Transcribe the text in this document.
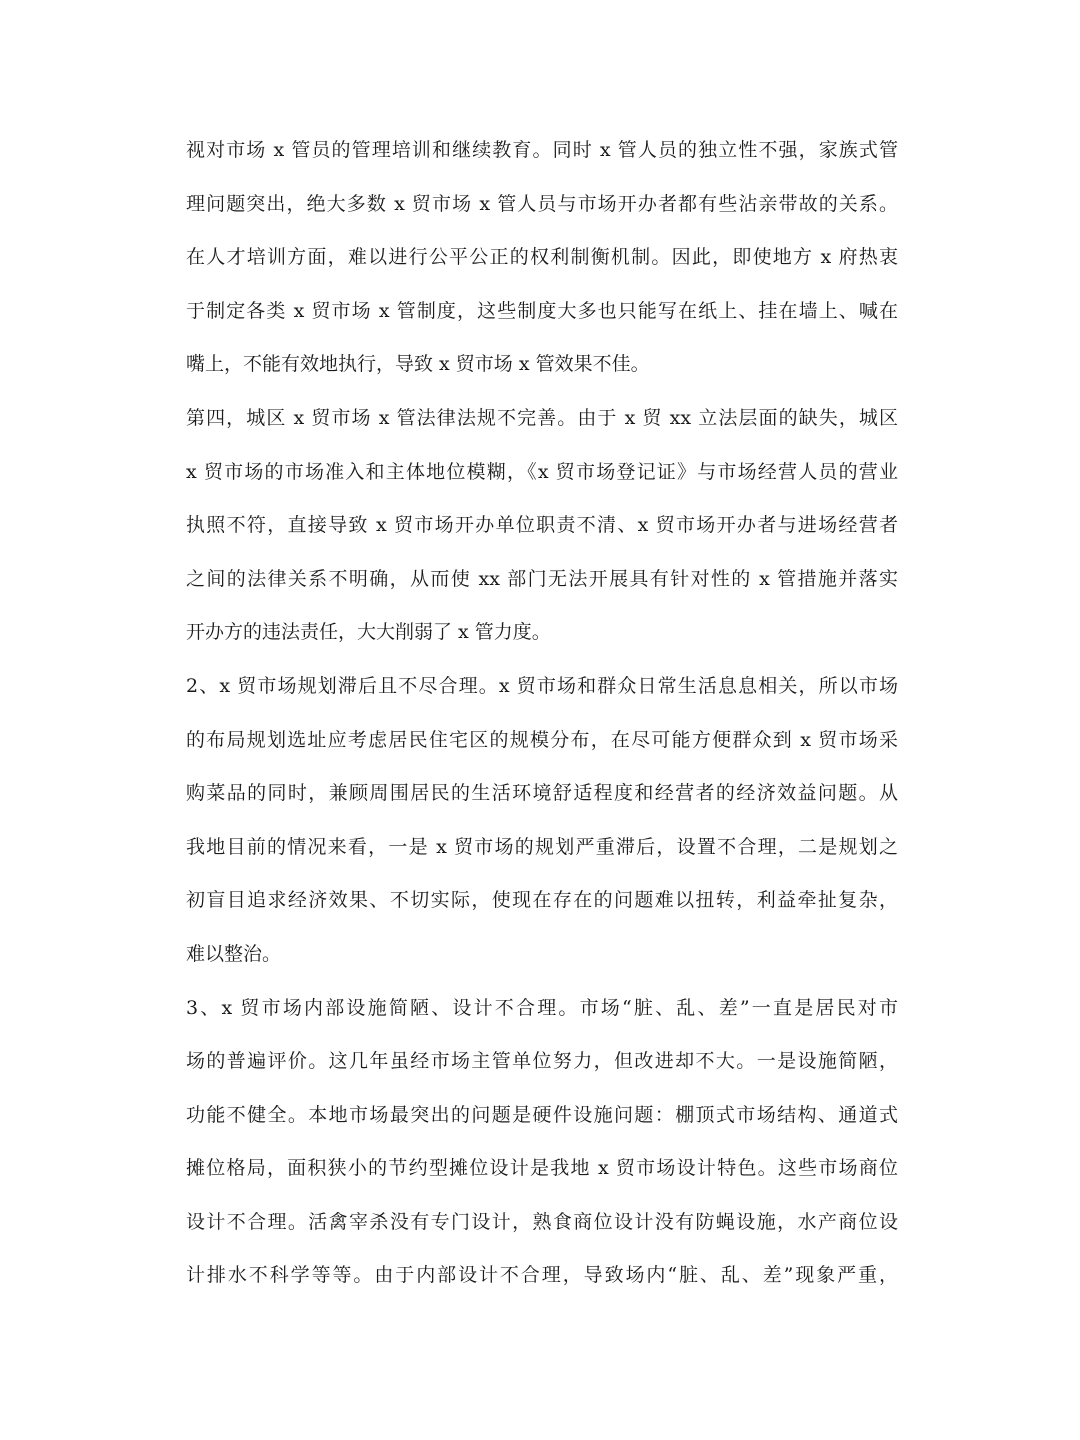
视对市场 x 管员的管理培训和继续教育。同时 x 管人员的独立性不强，家族式管
理问题突出，绝大多数 x 贸市场 x 管人员与市场开办者都有些沾亲带故的关系。
在人才培训方面，难以进行公平公正的权利制衡机制。因此，即使地方 x 府热衷
于制定各类 x 贸市场 x 管制度，这些制度大多也只能写在纸上、挂在墙上、喊在
嘴上，不能有效地执行，导致 x 贸市场 x 管效果不佳。
第四，城区 x 贸市场 x 管法律法规不完善。由于 x 贸 xx 立法层面的缺失，城区
x 贸市场的市场准入和主体地位模糊，《x 贸市场登记证》与市场经营人员的营业
执照不符，直接导致 x 贸市场开办单位职责不清、x 贸市场开办者与进场经营者
之间的法律关系不明确，从而使 xx 部门无法开展具有针对性的 x 管措施并落实
开办方的违法责任，大大削弱了 x 管力度。
2、x 贸市场规划滞后且不尽合理。x 贸市场和群众日常生活息息相关，所以市场
的布局规划选址应考虑居民住宅区的规模分布，在尽可能方便群众到 x 贸市场采
购菜品的同时，兼顾周围居民的生活环境舒适程度和经营者的经济效益问题。从
我地目前的情况来看，一是 x 贸市场的规划严重滞后，设置不合理，二是规划之
初盲目追求经济效果、不切实际，使现在存在的问题难以扭转，利益牵扯复杂，
难以整治。
3、x 贸市场内部设施简陋、设计不合理。市场“脏、乱、差”一直是居民对市
场的普遍评价。这几年虽经市场主管单位努力，但改进却不大。一是设施简陋，
功能不健全。本地市场最突出的问题是硬件设施问题：棚顶式市场结构、通道式
摊位格局，面积狭小的节约型摊位设计是我地 x 贸市场设计特色。这些市场商位
设计不合理。活禽宰杀没有专门设计，熟食商位设计没有防蝇设施，水产商位设
计排水不科学等等。由于内部设计不合理，导致场内“脏、乱、差”现象严重，
